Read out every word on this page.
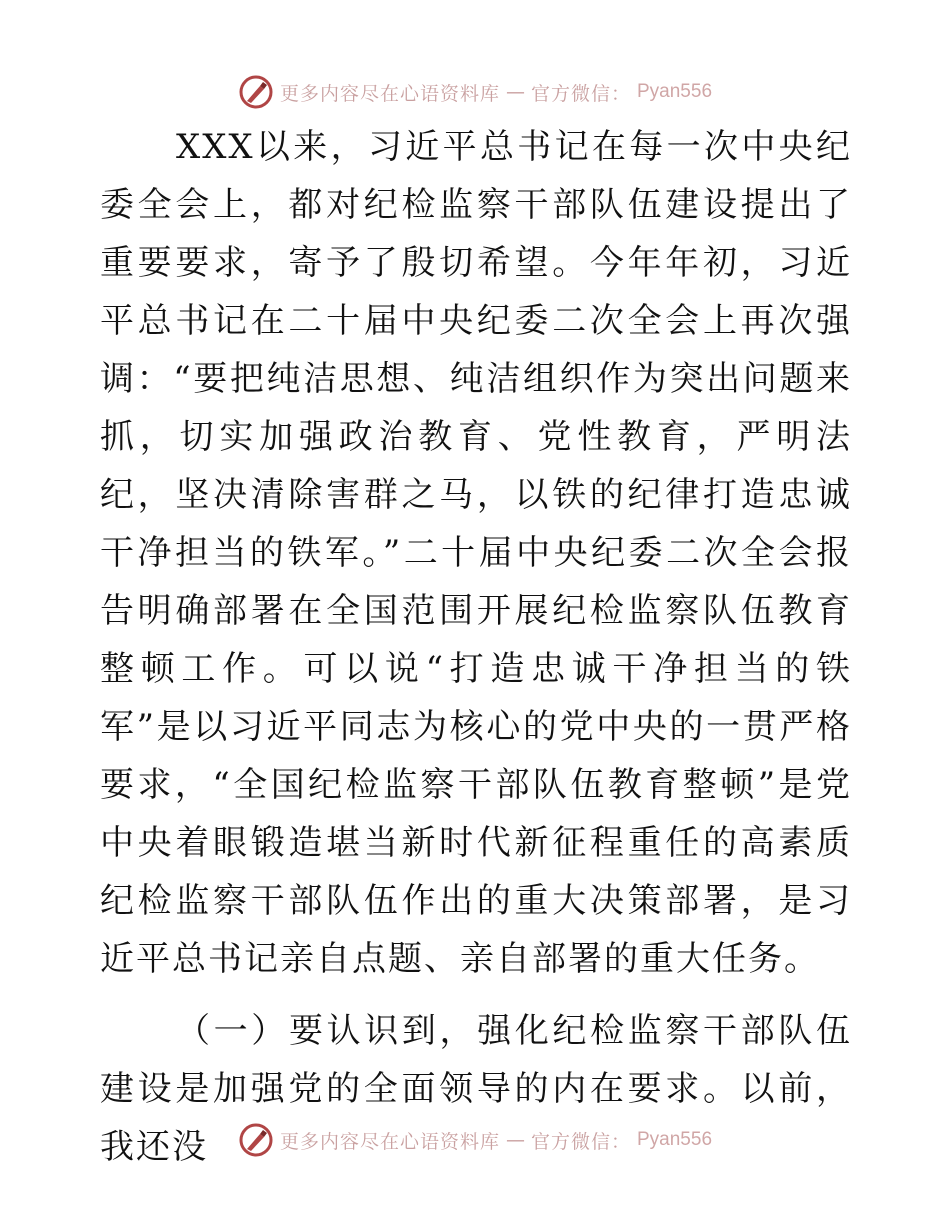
更多内容尽在心语资料库 — 官方微信： Pyan556

XXX以来，习近平总书记在每一次中央纪委全会上，都对纪检监察干部队伍建设提出了重要要求，寄予了殷切希望。今年年初，习近平总书记在二十届中央纪委二次全会上再次强调：“要把纯洁思想、纯洁组织作为突出问题来抓，切实加强政治教育、党性教育，严明法纪，坚决清除害群之马，以铁的纪律打造忠诚干净担当的铁军。”二十届中央纪委二次全会报告明确部署在全国范围开展纪检监察队伍教育整顿工作。可以说“打造忠诚干净担当的铁军”是以习近平同志为核心的党中央的一贯严格要求，“全国纪检监察干部队伍教育整顿”是党中央着眼锻造堪当新时代新征程重任的高素质纪检监察干部队伍作出的重大决策部署，是习近平总书记亲自点题、亲自部署的重大任务。

（一）要认识到，强化纪检监察干部队伍建设是加强党的全面领导的内在要求。以前，我还没	更多内容尽在心语资料库 — 官方微信： Pyan556
